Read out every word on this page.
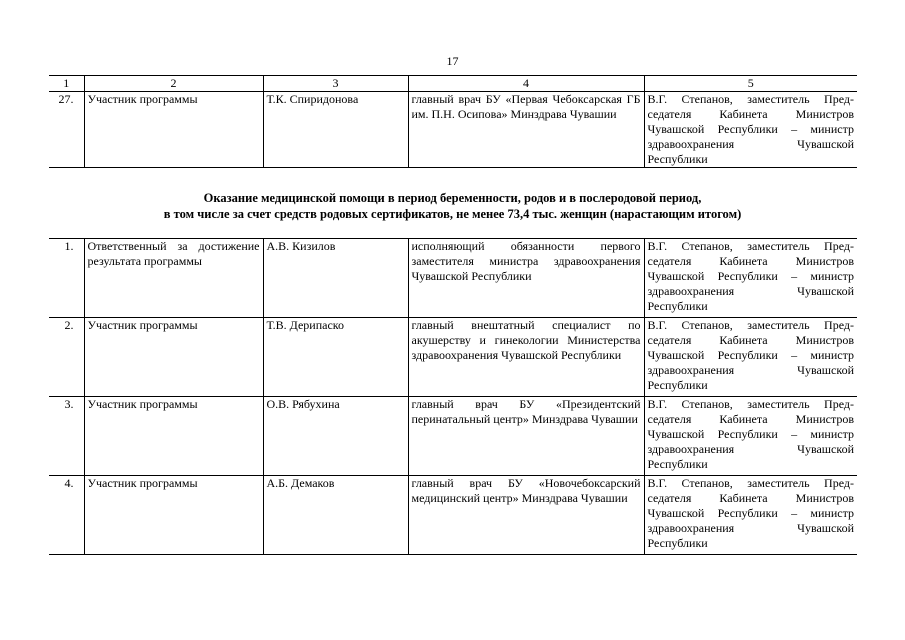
17
1	2	3	4	5
27.	Участник программы	Т.К. Спиридонова	главный врач БУ «Первая Чебоксарская ГБ им. П.Н. Осипова» Минздрава Чувашии	В.Г. Степанов, заместитель Председателя Кабинета Министров Чувашской Республики – министр здравоохранения Чувашской Республики
Оказание медицинской помощи в период беременности, родов и в послеродовой период,
в том числе за счет средств родовых сертификатов, не менее 73,4 тыс. женщин (нарастающим итогом)
1.	Ответственный за достижение результата программы	А.В. Кизилов	исполняющий обязанности первого заместителя министра здравоохранения Чувашской Республики	В.Г. Степанов, заместитель Председателя Кабинета Министров Чувашской Республики – министр здравоохранения Чувашской Республики
2.	Участник программы	Т.В. Дерипаско	главный внештатный специалист по акушерству и гинекологии Министерства здравоохранения Чувашской Республики	В.Г. Степанов, заместитель Председателя Кабинета Министров Чувашской Республики – министр здравоохранения Чувашской Республики
3.	Участник программы	О.В. Рябухина	главный врач БУ «Президентский перинатальный центр» Минздрава Чувашии	В.Г. Степанов, заместитель Председателя Кабинета Министров Чувашской Республики – министр здравоохранения Чувашской Республики
4.	Участник программы	А.Б. Демаков	главный врач БУ «Новочебоксарский медицинский центр» Минздрава Чувашии	В.Г. Степанов, заместитель Председателя Кабинета Министров Чувашской Республики – министр здравоохранения Чувашской Республики
